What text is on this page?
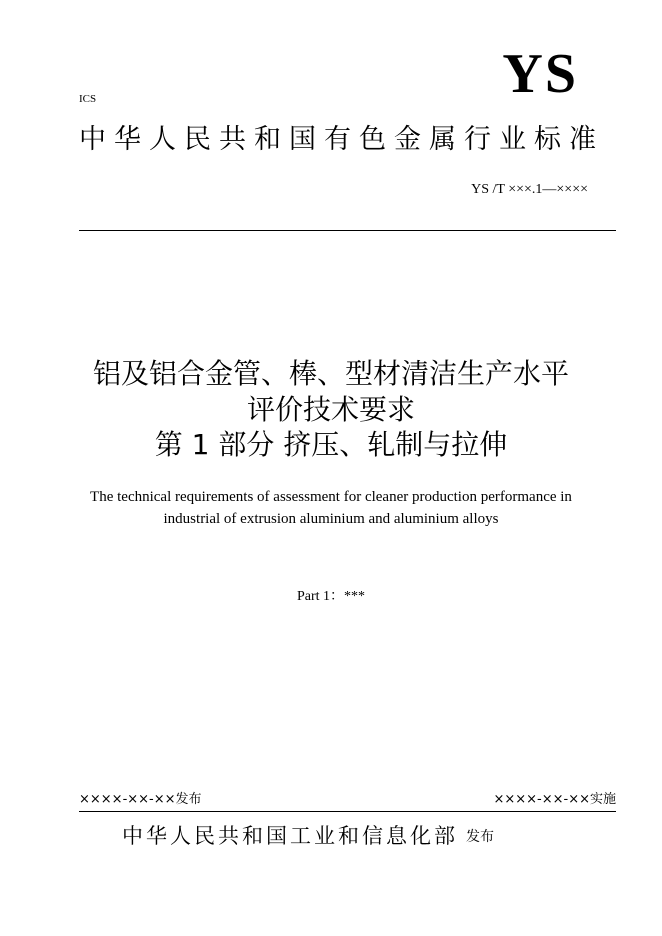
YS
ICS
中华人民共和国有色金属行业标准
YS /T ×××.1—××××
铝及铝合金管、棒、型材清洁生产水平
评价技术要求
第 1 部分 挤压、轧制与拉伸
The technical requirements of assessment for cleaner production performance in
industrial of extrusion aluminium and aluminium alloys
Part 1：***
××××-××-××发布	××××-××-××实施
中华人民共和国工业和信息化部 发布
